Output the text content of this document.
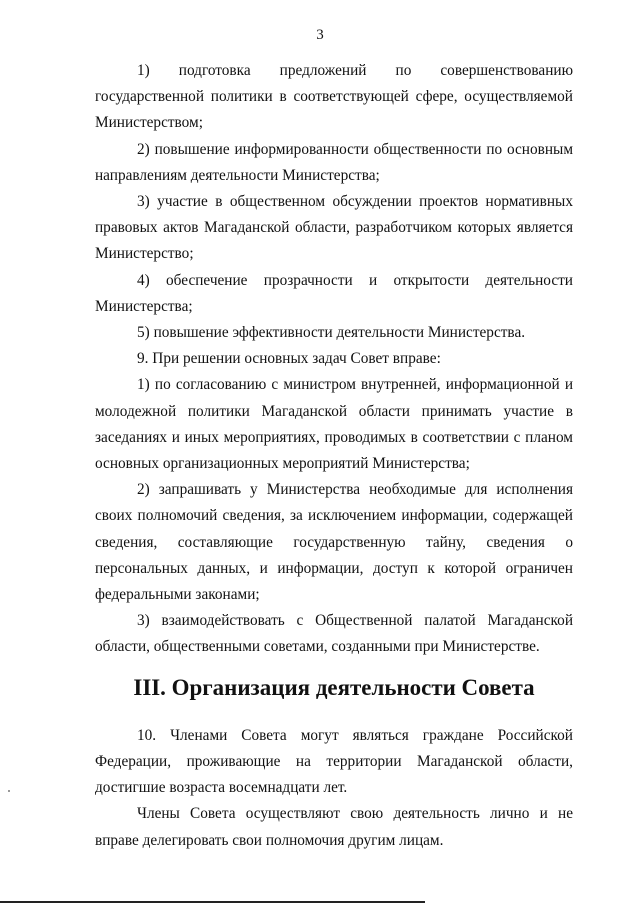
3

1) подготовка предложений по совершенствованию государственной политики в соответствующей сфере, осуществляемой Министерством;

2) повышение информированности общественности по основным направлениям деятельности Министерства;

3) участие в общественном обсуждении проектов нормативных правовых актов Магаданской области, разработчиком которых является Министерство;

4) обеспечение прозрачности и открытости деятельности Министерства;

5) повышение эффективности деятельности Министерства.

9. При решении основных задач Совет вправе:

1) по согласованию с министром внутренней, информационной и молодежной политики Магаданской области принимать участие в заседаниях и иных мероприятиях, проводимых в соответствии с планом основных организационных мероприятий Министерства;

2) запрашивать у Министерства необходимые для исполнения своих полномочий сведения, за исключением информации, содержащей сведения, составляющие государственную тайну, сведения о персональных данных, и информации, доступ к которой ограничен федеральными законами;

3) взаимодействовать с Общественной палатой Магаданской области, общественными советами, созданными при Министерстве.

III. Организация деятельности Совета

10. Членами Совета могут являться граждане Российской Федерации, проживающие на территории Магаданской области, достигшие возраста восемнадцати лет.

Члены Совета осуществляют свою деятельность лично и не вправе делегировать свои полномочия другим лицам.
